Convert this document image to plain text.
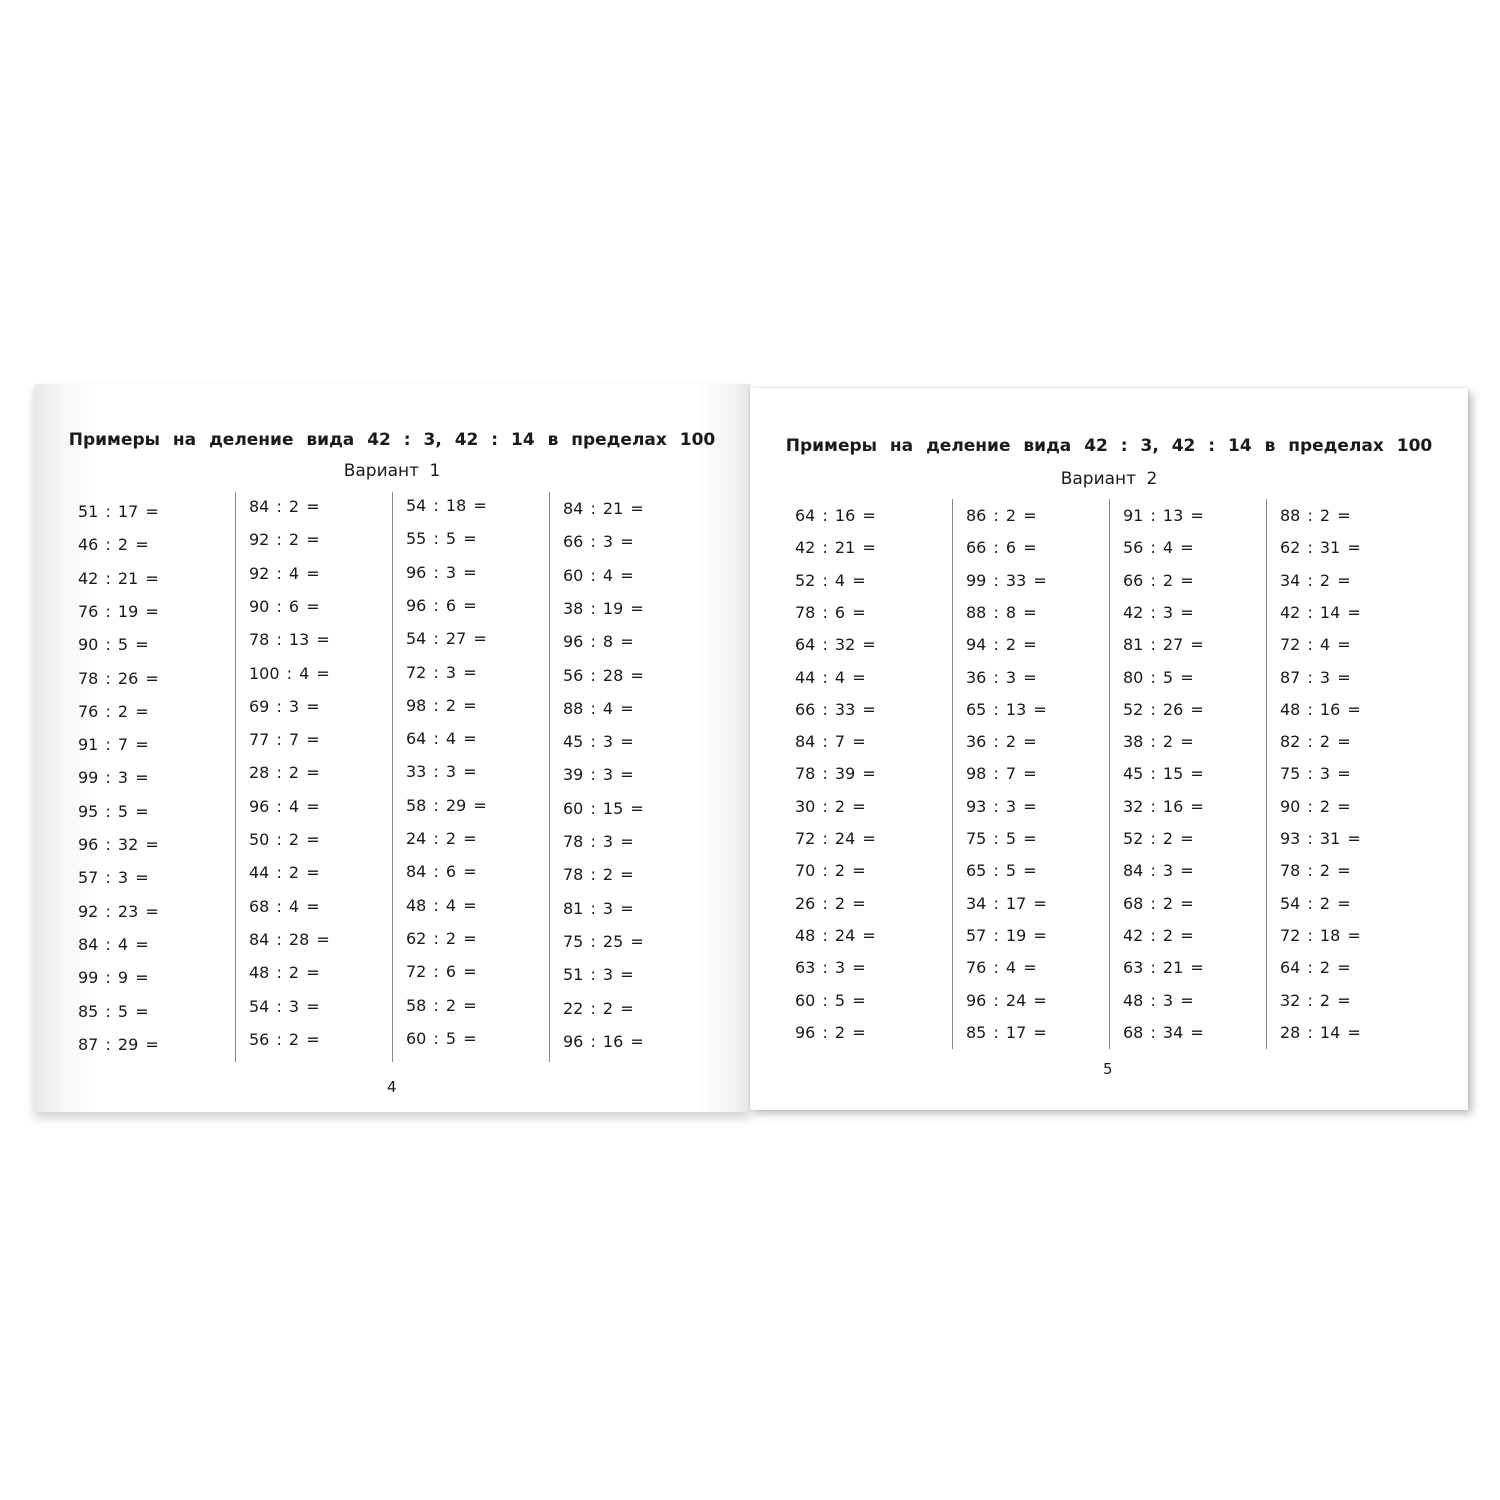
Примеры на деление вида 42 : 3, 42 : 14 в пределах 100
Вариант 1
51 : 17 =
46 : 2 =
42 : 21 =
76 : 19 =
90 : 5 =
78 : 26 =
76 : 2 =
91 : 7 =
99 : 3 =
95 : 5 =
96 : 32 =
57 : 3 =
92 : 23 =
84 : 4 =
99 : 9 =
85 : 5 =
87 : 29 =
84 : 2 =
92 : 2 =
92 : 4 =
90 : 6 =
78 : 13 =
100 : 4 =
69 : 3 =
77 : 7 =
28 : 2 =
96 : 4 =
50 : 2 =
44 : 2 =
68 : 4 =
84 : 28 =
48 : 2 =
54 : 3 =
56 : 2 =
54 : 18 =
55 : 5 =
96 : 3 =
96 : 6 =
54 : 27 =
72 : 3 =
98 : 2 =
64 : 4 =
33 : 3 =
58 : 29 =
24 : 2 =
84 : 6 =
48 : 4 =
62 : 2 =
72 : 6 =
58 : 2 =
60 : 5 =
84 : 21 =
66 : 3 =
60 : 4 =
38 : 19 =
96 : 8 =
56 : 28 =
88 : 4 =
45 : 3 =
39 : 3 =
60 : 15 =
78 : 3 =
78 : 2 =
81 : 3 =
75 : 25 =
51 : 3 =
22 : 2 =
96 : 16 =
4
Примеры на деление вида 42 : 3, 42 : 14 в пределах 100
Вариант 2
64 : 16 =
42 : 21 =
52 : 4 =
78 : 6 =
64 : 32 =
44 : 4 =
66 : 33 =
84 : 7 =
78 : 39 =
30 : 2 =
72 : 24 =
70 : 2 =
26 : 2 =
48 : 24 =
63 : 3 =
60 : 5 =
96 : 2 =
86 : 2 =
66 : 6 =
99 : 33 =
88 : 8 =
94 : 2 =
36 : 3 =
65 : 13 =
36 : 2 =
98 : 7 =
93 : 3 =
75 : 5 =
65 : 5 =
34 : 17 =
57 : 19 =
76 : 4 =
96 : 24 =
85 : 17 =
91 : 13 =
56 : 4 =
66 : 2 =
42 : 3 =
81 : 27 =
80 : 5 =
52 : 26 =
38 : 2 =
45 : 15 =
32 : 16 =
52 : 2 =
84 : 3 =
68 : 2 =
42 : 2 =
63 : 21 =
48 : 3 =
68 : 34 =
88 : 2 =
62 : 31 =
34 : 2 =
42 : 14 =
72 : 4 =
87 : 3 =
48 : 16 =
82 : 2 =
75 : 3 =
90 : 2 =
93 : 31 =
78 : 2 =
54 : 2 =
72 : 18 =
64 : 2 =
32 : 2 =
28 : 14 =
5
